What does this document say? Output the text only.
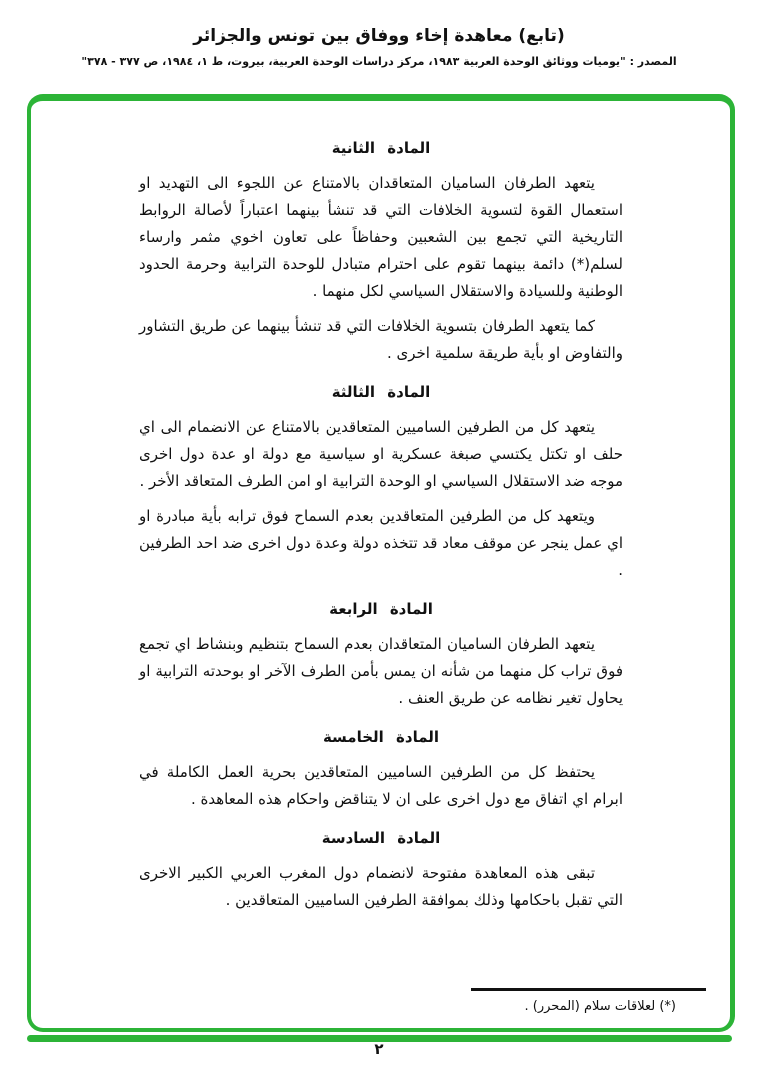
(تابع) معاهدة إخاء ووفاق بين تونس والجزائر
المصدر : "يوميات ووثائق الوحدة العربية ١٩٨٣، مركز دراسات الوحدة العربية، بيروت، ط ١، ١٩٨٤، ص ٣٧٧ - ٣٧٨"
المادة الثانية

يتعهد الطرفان الساميان المتعاقدان بالامتناع عن اللجوء الى التهديد او استعمال القوة لتسوية الخلافات التي قد تنشأ بينهما اعتباراً لأصالة الروابط التاريخية التي تجمع بين الشعبين وحفاظاً على تعاون اخوي مثمر وارساء لسلم(*) دائمة بينهما تقوم على احترام متبادل للوحدة الترابية وحرمة الحدود الوطنية وللسيادة والاستقلال السياسي لكل منهما .

كما يتعهد الطرفان بتسوية الخلافات التي قد تنشأ بينهما عن طريق التشاور والتفاوض او بأية طريقة سلمية اخرى .

المادة الثالثة

يتعهد كل من الطرفين الساميين المتعاقدين بالامتناع عن الانضمام الى اي حلف او تكتل يكتسي صبغة عسكرية او سياسية مع دولة او عدة دول اخرى موجه ضد الاستقلال السياسي او الوحدة الترابية او امن الطرف المتعاقد الأخر .

ويتعهد كل من الطرفين المتعاقدين بعدم السماح فوق ترابه بأية مبادرة او اي عمل ينجر عن موقف معاد قد تتخذه دولة وعدة دول اخرى ضد احد الطرفين .

المادة الرابعة

يتعهد الطرفان الساميان المتعاقدان بعدم السماح بتنظيم وبنشاط اي تجمع فوق تراب كل منهما من شأنه ان يمس بأمن الطرف الآخر او بوحدته الترابية او يحاول تغير نظامه عن طريق العنف .

المادة الخامسة

يحتفظ كل من الطرفين الساميين المتعاقدين بحرية العمل الكاملة في ابرام اي اتفاق مع دول اخرى على ان لا يتناقض واحكام هذه المعاهدة .

المادة السادسة

تبقى هذه المعاهدة مفتوحة لانضمام دول المغرب العربي الكبير الاخرى التي تقبل باحكامها وذلك بموافقة الطرفين الساميين المتعاقدين .

(*) لعلاقات سلام (المحرر) .
٢
